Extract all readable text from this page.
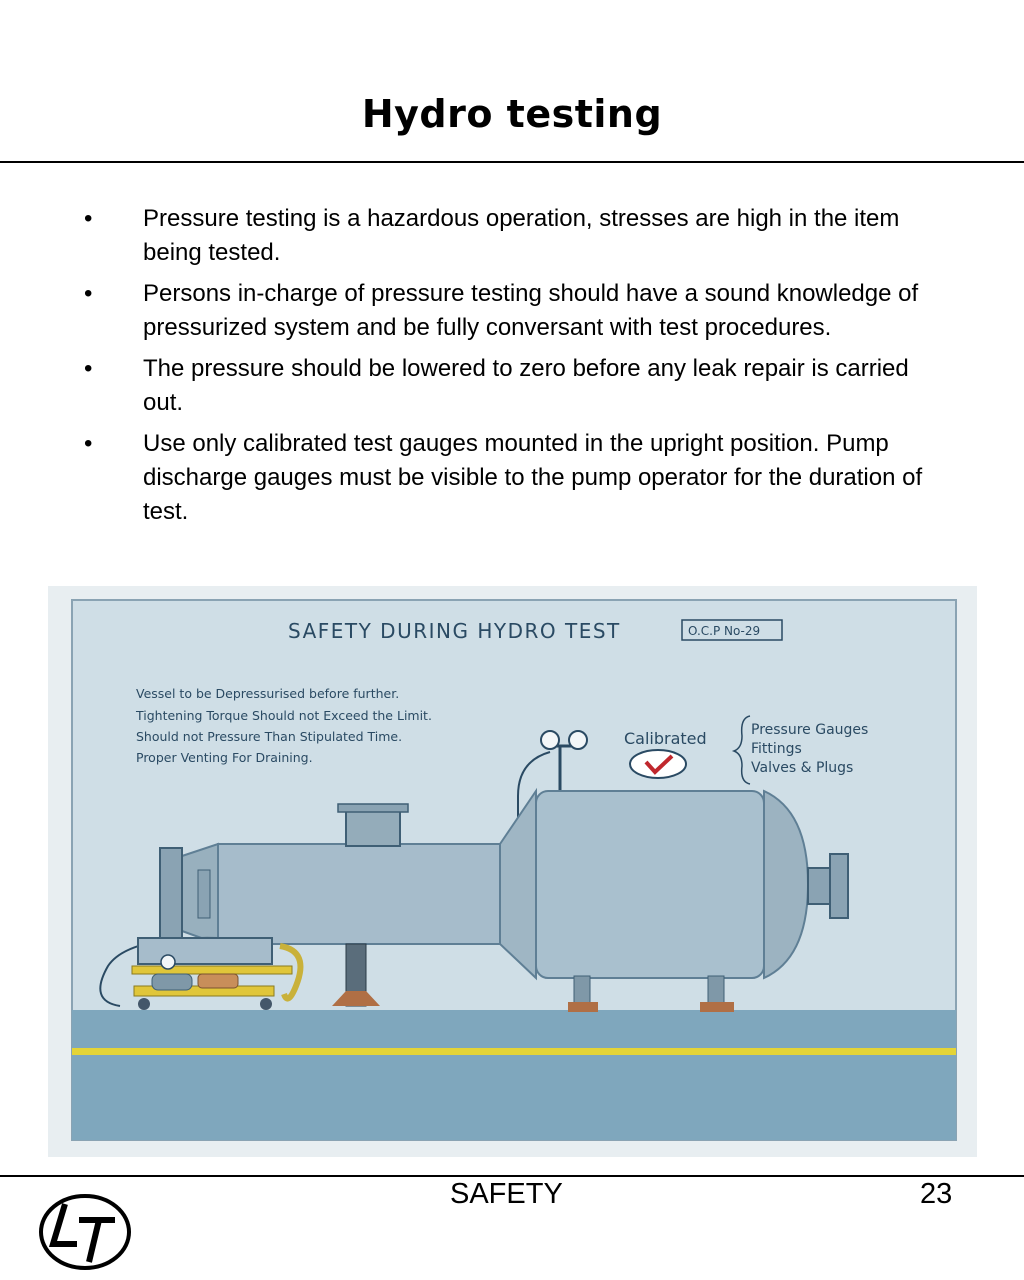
Hydro testing
• Pressure testing is a hazardous operation, stresses are high in the item being tested.
• Persons in-charge of pressure testing should have a sound knowledge of pressurized system and be fully conversant with test procedures.
• The pressure should be lowered to zero before any leak repair is carried out.
• Use only calibrated test gauges mounted in the upright position. Pump discharge gauges must be visible to the pump operator for the duration of test.
SAFETY DURING HYDRO TEST	O.C.P No-29
Vessel to be Depressurised before further.
Tightening Torque Should not Exceed the Limit.
Should not Pressure Than Stipulated Time.
Proper Venting For Draining.
Calibrated	Pressure Gauges
Fittings
Valves & Plugs
SAFETY	23
